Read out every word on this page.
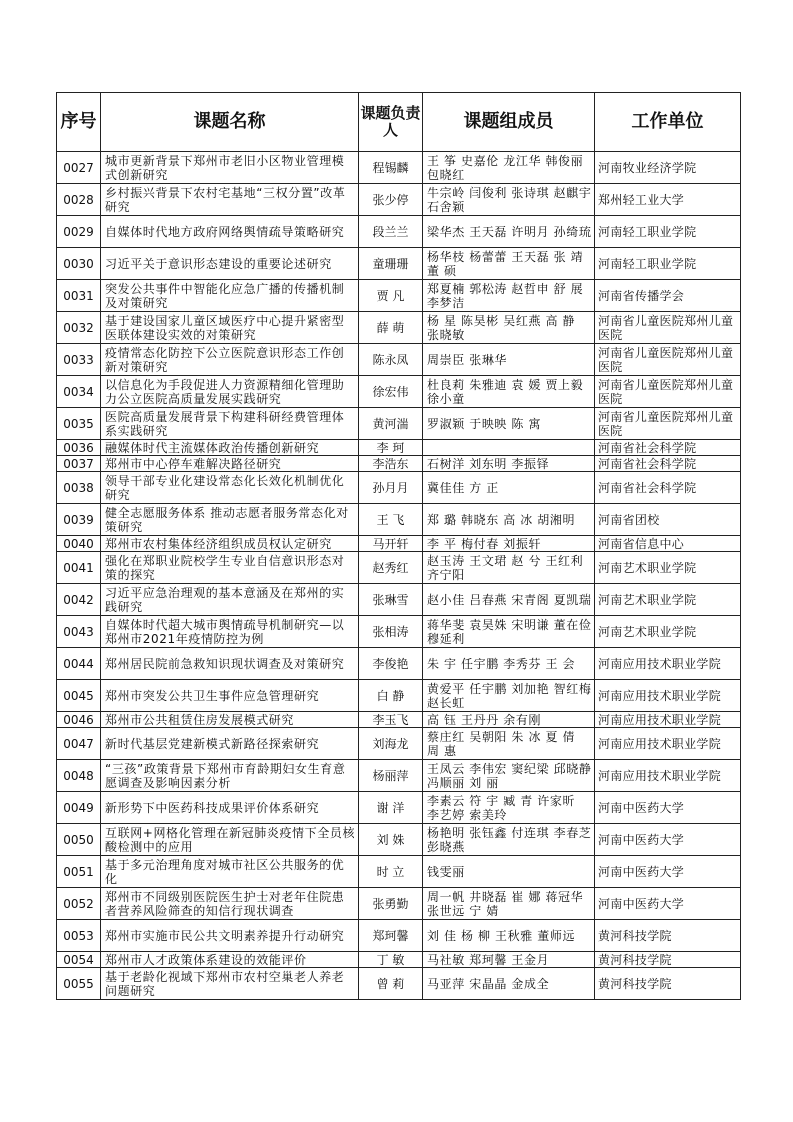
序号	课题名称	课题负责人	课题组成员	工作单位
0027	城市更新背景下郑州市老旧小区物业管理模式创新研究	程锡麟	王 筝 史嘉伦 龙江华 韩俊丽 包晓红	河南牧业经济学院
0028	乡村振兴背景下农村宅基地“三权分置”改革研究	张少停	牛宗岭 闫俊利 张诗琪 赵麒宇 石舍颖	郑州轻工业大学
0029	自媒体时代地方政府网络舆情疏导策略研究	段兰兰	梁华杰 王天磊 许明月 孙绮琉	河南轻工职业学院
0030	习近平关于意识形态建设的重要论述研究	童珊珊	杨华枝 杨蕾蕾 王天磊 张 靖 董 硕	河南轻工职业学院
0031	突发公共事件中智能化应急广播的传播机制及对策研究	贾 凡	郑夏楠 郭松涛 赵哲申 舒 展 李梦洁	河南省传播学会
0032	基于建设国家儿童区域医疗中心提升紧密型医联体建设实效的对策研究	薛 萌	杨 星 陈昊彬 吴红燕 高 静 张晓敏	河南省儿童医院郑州儿童医院
0033	疫情常态化防控下公立医院意识形态工作创新对策研究	陈永凤	周崇臣 张琳华	河南省儿童医院郑州儿童医院
0034	以信息化为手段促进人力资源精细化管理助力公立医院高质量发展实践研究	徐宏伟	杜良莉 朱雅迪 袁 媛 贾上毅 徐小童	河南省儿童医院郑州儿童医院
0035	医院高质量发展背景下构建科研经费管理体系实践研究	黄河湍	罗淑颖 于映映 陈 寓	河南省儿童医院郑州儿童医院
0036	融媒体时代主流媒体政治传播创新研究	李 珂		河南省社会科学院
0037	郑州市中心停车难解决路径研究	李浩东	石树洋 刘东明 李振铎	河南省社会科学院
0038	领导干部专业化建设常态化长效化机制优化研究	孙月月	冀佳佳 方 正	河南省社会科学院
0039	健全志愿服务体系 推动志愿者服务常态化对策研究	王 飞	郑 璐 韩晓东 高 冰 胡湘明	河南省团校
0040	郑州市农村集体经济组织成员权认定研究	马开轩	李 平 梅付春 刘振轩	河南省信息中心
0041	强化在郑职业院校学生专业自信意识形态对策的探究	赵秀红	赵玉涛 王文珺 赵 兮 王红利 齐宁阳	河南艺术职业学院
0042	习近平应急治理观的基本意涵及在郑州的实践研究	张琳雪	赵小佳 吕春燕 宋青阁 夏凯瑞	河南艺术职业学院
0043	自媒体时代超大城市舆情疏导机制研究—以郑州市2021年疫情防控为例	张相涛	蒋华斐 袁昊姝 宋明谦 董在俭 穆延利	河南艺术职业学院
0044	郑州居民院前急救知识现状调查及对策研究	李俊艳	朱 宇 任宇鹏 李秀芬 王 会	河南应用技术职业学院
0045	郑州市突发公共卫生事件应急管理研究	白 静	黄爱平 任宇鹏 刘加艳 智红梅 赵长虹	河南应用技术职业学院
0046	郑州市公共租赁住房发展模式研究	李玉飞	高 钰 王丹丹 余有刚	河南应用技术职业学院
0047	新时代基层党建新模式新路径探索研究	刘海龙	蔡庄红 吴朝阳 朱 冰 夏 倩 周 惠	河南应用技术职业学院
0048	“三孩”政策背景下郑州市育龄期妇女生育意愿调查及影响因素分析	杨丽萍	王凤云 李伟宏 窦纪梁 邱晓静 冯顺丽 刘 丽	河南应用技术职业学院
0049	新形势下中医药科技成果评价体系研究	谢 洋	李素云 符 宇 臧 青 许家昕 李艺婷 索美玲	河南中医药大学
0050	互联网+网格化管理在新冠肺炎疫情下全员核酸检测中的应用	刘 姝	杨艳明 张钰鑫 付连琪 李春芝 彭晓燕	河南中医药大学
0051	基于多元治理角度对城市社区公共服务的优化	时 立	钱雯丽	河南中医药大学
0052	郑州市不同级别医院医生护士对老年住院患者营养风险筛查的知信行现状调查	张勇勤	周一帆 井晓磊 崔 娜 蒋冠华 张世远 宁 婧	河南中医药大学
0053	郑州市实施市民公共文明素养提升行动研究	郑珂馨	刘 佳 杨 柳 王秋雅 董师远	黄河科技学院
0054	郑州市人才政策体系建设的效能评价	丁 敏	马社敏 郑珂馨 王金月	黄河科技学院
0055	基于老龄化视域下郑州市农村空巢老人养老问题研究	曾 莉	马亚萍 宋晶晶 金成全	黄河科技学院
